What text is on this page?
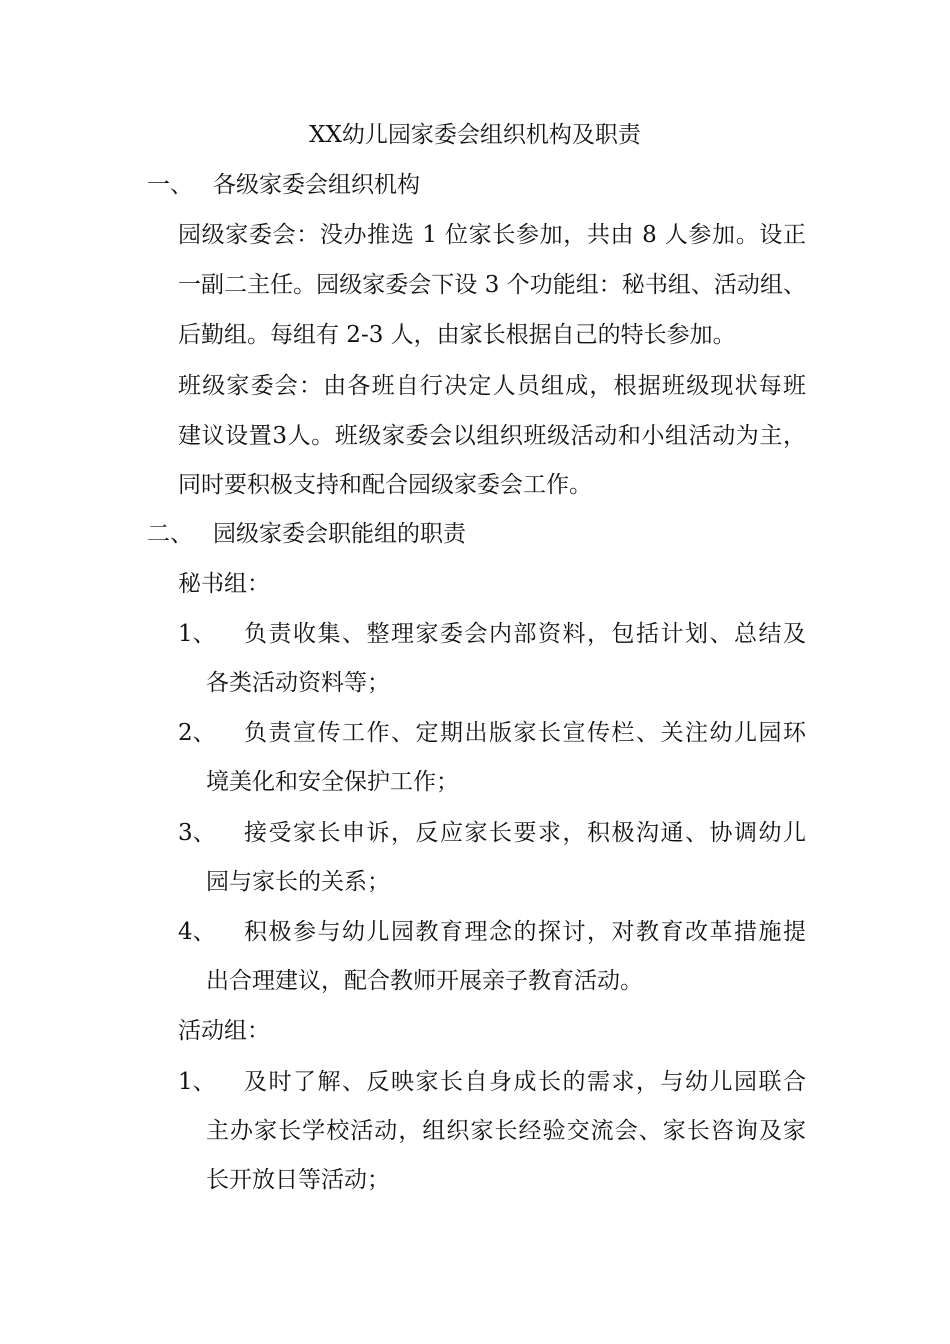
XX幼儿园家委会组织机构及职责
一、 各级家委会组织机构
园级家委会：没办推选 1 位家长参加，共由 8 人参加。设正
一副二主任。园级家委会下设 3 个功能组：秘书组、活动组、
后勤组。每组有 2-3 人，由家长根据自己的特长参加。
班级家委会：由各班自行决定人员组成，根据班级现状每班
建议设置3人。班级家委会以组织班级活动和小组活动为主，
同时要积极支持和配合园级家委会工作。
二、 园级家委会职能组的职责
秘书组：
1、 负责收集、整理家委会内部资料，包括计划、总结及
各类活动资料等；
2、 负责宣传工作、定期出版家长宣传栏、关注幼儿园环
境美化和安全保护工作；
3、 接受家长申诉，反应家长要求，积极沟通、协调幼儿
园与家长的关系；
4、 积极参与幼儿园教育理念的探讨，对教育改革措施提
出合理建议，配合教师开展亲子教育活动。
活动组：
1、 及时了解、反映家长自身成长的需求，与幼儿园联合
主办家长学校活动，组织家长经验交流会、家长咨询及家
长开放日等活动；
